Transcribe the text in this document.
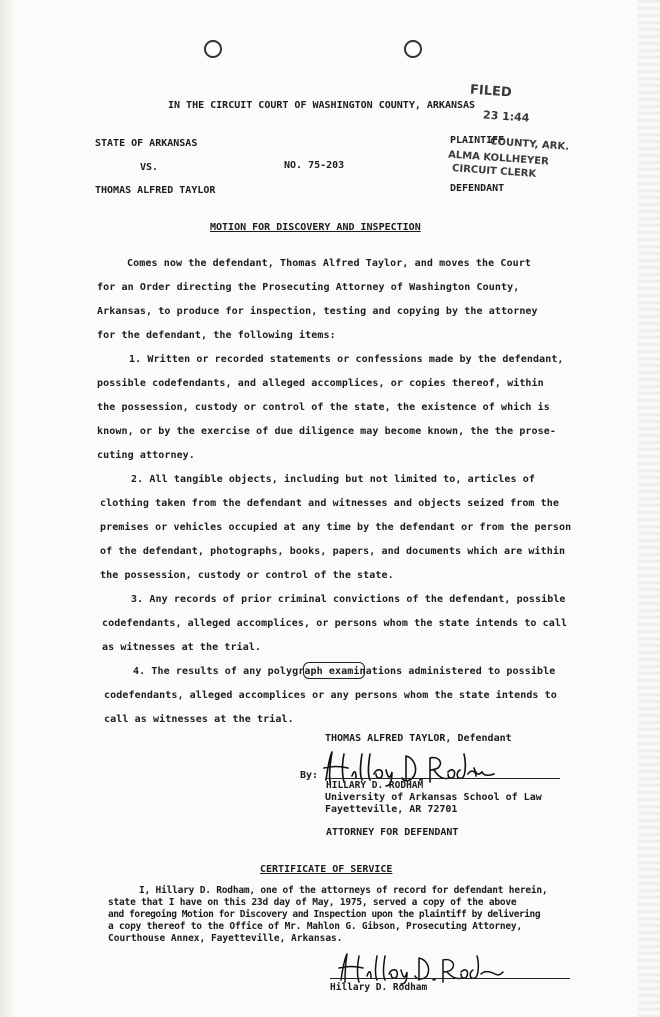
IN THE CIRCUIT COURT OF WASHINGTON COUNTY, ARKANSAS
STATE OF ARKANSAS	PLAINTIFF
VS.	NO. 75-203
THOMAS ALFRED TAYLOR	DEFENDANT
FILED
23 1:44
COUNTY, ARK.
ALMA KOLLHEYER
CIRCUIT CLERK
MOTION FOR DISCOVERY AND INSPECTION
Comes now the defendant, Thomas Alfred Taylor, and moves the Court
for an Order directing the Prosecuting Attorney of Washington County,
Arkansas, to produce for inspection, testing and copying by the attorney
for the defendant, the following items:
1. Written or recorded statements or confessions made by the defendant,
possible codefendants, and alleged accomplices, or copies thereof, within
the possession, custody or control of the state, the existence of which is
known, or by the exercise of due diligence may become known, the the prose-
cuting attorney.
2. All tangible objects, including but not limited to, articles of
clothing taken from the defendant and witnesses and objects seized from the
premises or vehicles occupied at any time by the defendant or from the person
of the defendant, photographs, books, papers, and documents which are within
the possession, custody or control of the state.
3. Any records of prior criminal convictions of the defendant, possible
codefendants, alleged accomplices, or persons whom the state intends to call
as witnesses at the trial.
4. The results of any polygraph examinations administered to possible
codefendants, alleged accomplices or any persons whom the state intends to
call as witnesses at the trial.
THOMAS ALFRED TAYLOR, Defendant
By:
HILLARY D. RODHAM
University of Arkansas School of Law
Fayetteville, AR 72701
ATTORNEY FOR DEFENDANT
CERTIFICATE OF SERVICE
I, Hillary D. Rodham, one of the attorneys of record for defendant herein,
state that I have on this 23d day of May, 1975, served a copy of the above
and foregoing Motion for Discovery and Inspection upon the plaintiff by delivering
a copy thereof to the Office of Mr. Mahlon G. Gibson, Prosecuting Attorney,
Courthouse Annex, Fayetteville, Arkansas.
Hillary D. Rodham
